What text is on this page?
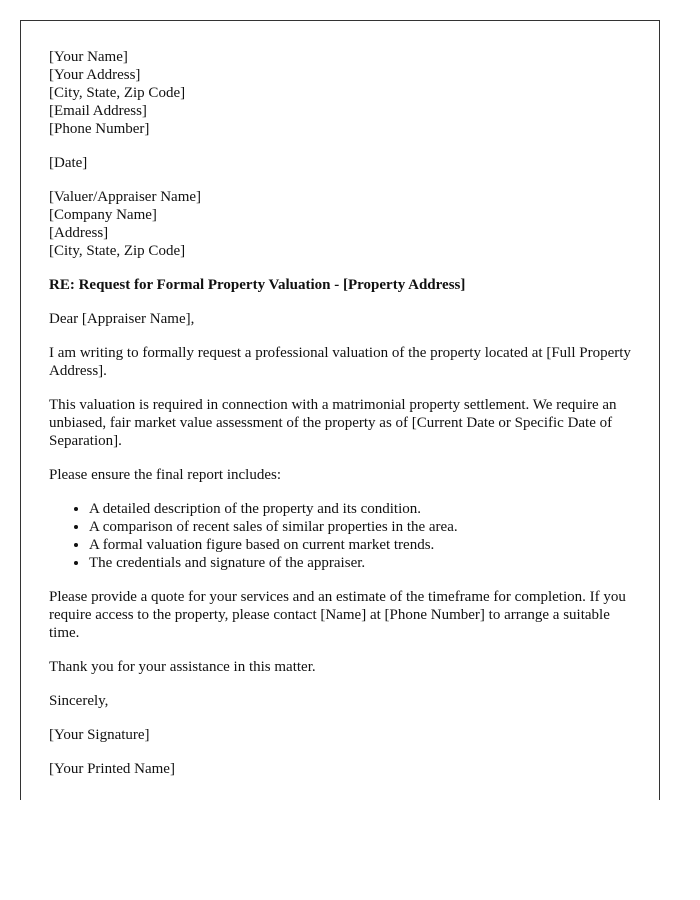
[Your Name]
[Your Address]
[City, State, Zip Code]
[Email Address]
[Phone Number]

[Date]

[Valuer/Appraiser Name]
[Company Name]
[Address]
[City, State, Zip Code]

RE: Request for Formal Property Valuation - [Property Address]

Dear [Appraiser Name],

I am writing to formally request a professional valuation of the property located at [Full Property Address].

This valuation is required in connection with a matrimonial property settlement. We require an unbiased, fair market value assessment of the property as of [Current Date or Specific Date of Separation].

Please ensure the final report includes:

• A detailed description of the property and its condition.
• A comparison of recent sales of similar properties in the area.
• A formal valuation figure based on current market trends.
• The credentials and signature of the appraiser.

Please provide a quote for your services and an estimate of the timeframe for completion. If you require access to the property, please contact [Name] at [Phone Number] to arrange a suitable time.

Thank you for your assistance in this matter.

Sincerely,

[Your Signature]

[Your Printed Name]
